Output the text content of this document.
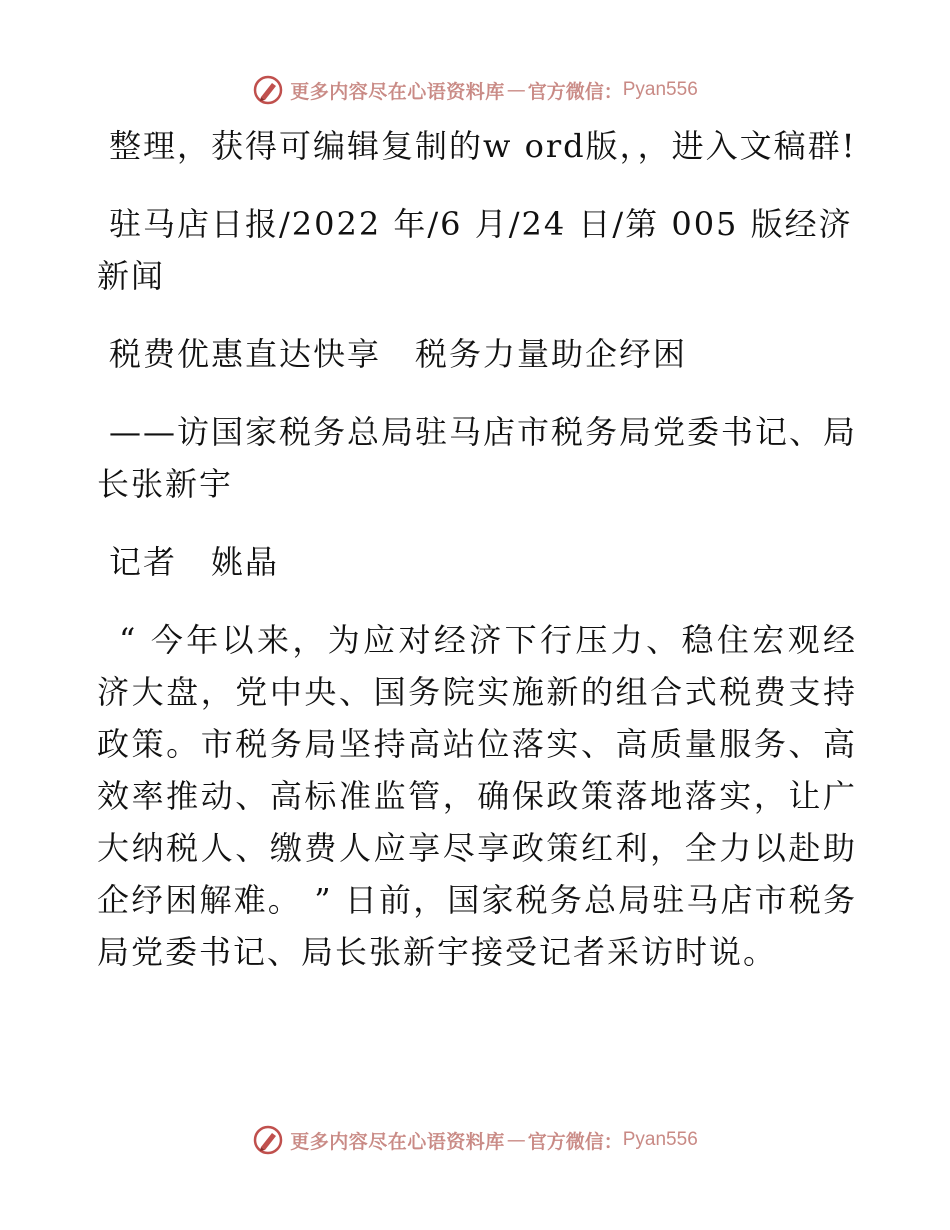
更多内容尽在心语资料库 — 官方微信： Pyan556

整理，获得可编辑复制的w ord版，，进入文稿群!

驻马店日报/2022 年/6 月/24 日/第 005 版经济新闻

税费优惠直达快享　税务力量助企纾困

——访国家税务总局驻马店市税务局党委书记、局长张新宇

记者　姚晶

“ 今年以来，为应对经济下行压力、稳住宏观经济大盘，党中央、国务院实施新的组合式税费支持政策。市税务局坚持高站位落实、高质量服务、高效率推动、高标准监管，确保政策落地落实，让广大纳税人、缴费人应享尽享政策红利，全力以赴助企纾困解难。 ” 日前，国家税务总局驻马店市税务局党委书记、局长张新宇接受记者采访时说。

更多内容尽在心语资料库 — 官方微信： Pyan556
